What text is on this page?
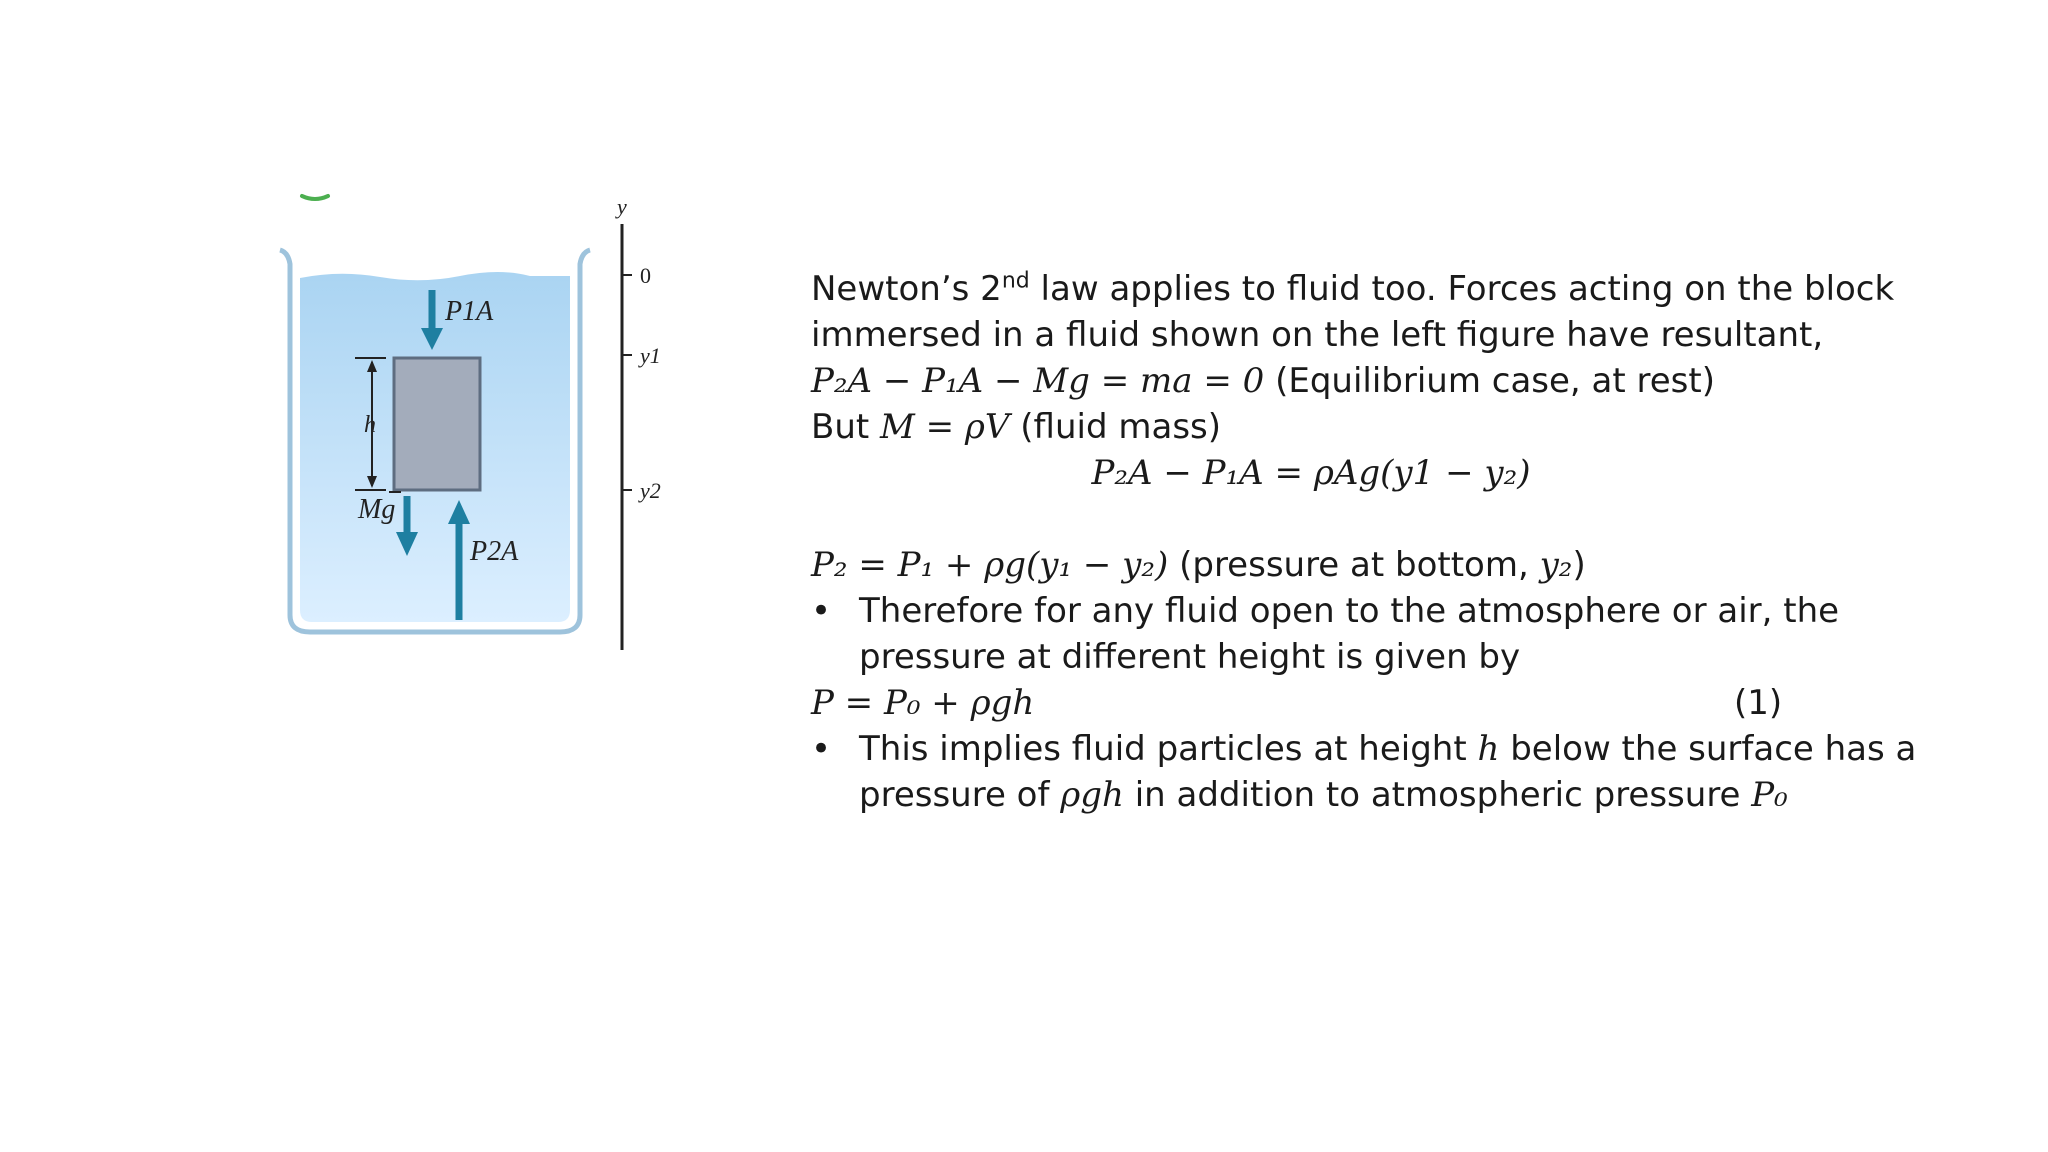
h
P1A
Mg
P2A
y
0
y1
y2
Newton’s 2nd law applies to fluid too. Forces acting on the block
immersed in a fluid shown on the left figure have resultant,
P₂A − P₁A − Mg = ma = 0 (Equilibrium case, at rest)
But M = ρV (fluid mass)
P₂A − P₁A = ρAg(y1 − y₂)
P₂ = P₁ + ρg(y₁ − y₂) (pressure at bottom, y₂)
• Therefore for any fluid open to the atmosphere or air, the
pressure at different height is given by
P = P₀ + ρgh	(1)
• This implies fluid particles at height h below the surface has a
pressure of ρgh in addition to atmospheric pressure P₀
